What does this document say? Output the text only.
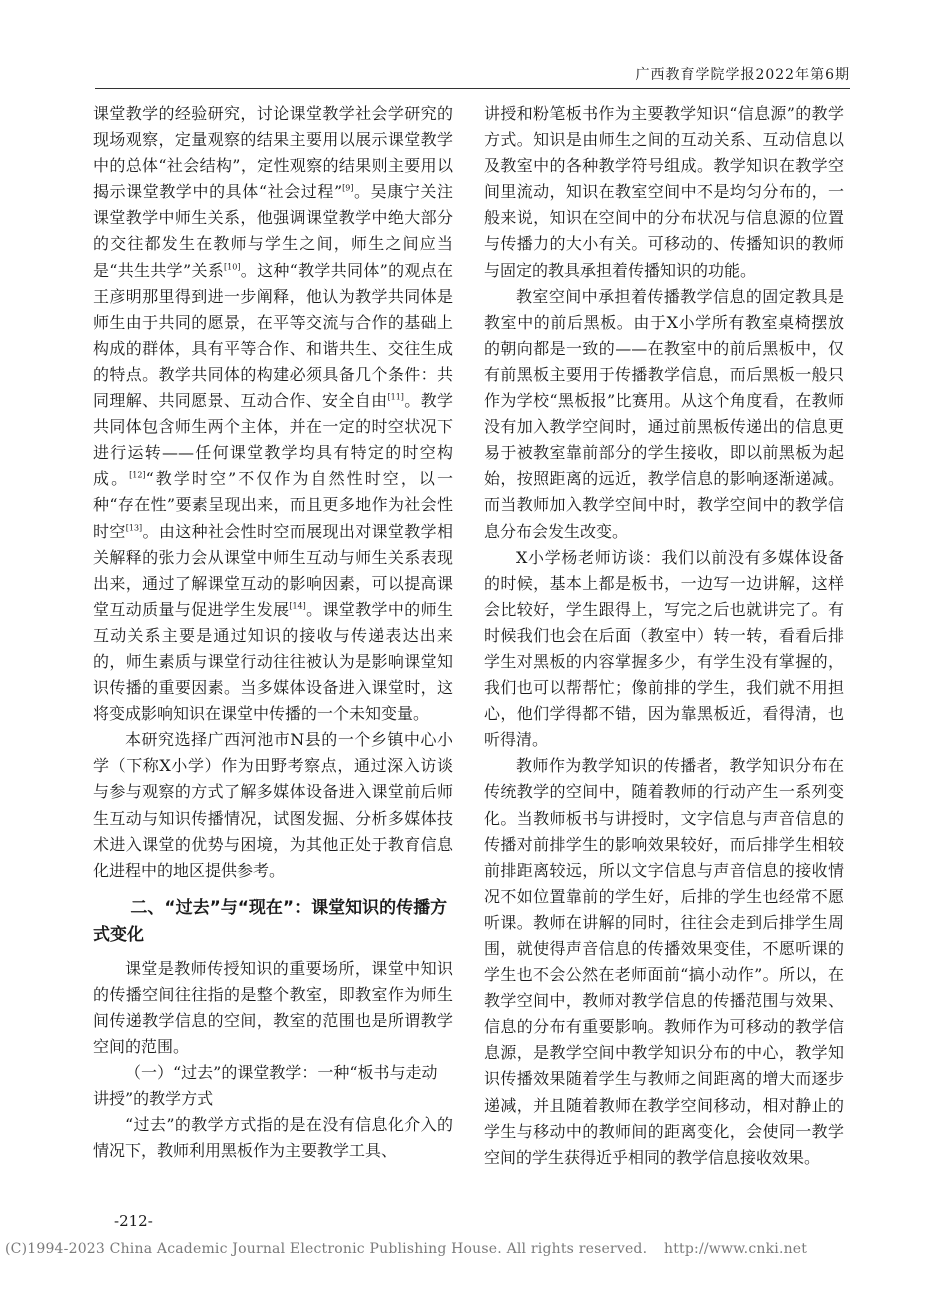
广西教育学院学报2022年第6期

课堂教学的经验研究，讨论课堂教学社会学研究的现场观察，定量观察的结果主要用以展示课堂教学中的总体“社会结构”，定性观察的结果则主要用以揭示课堂教学中的具体“社会过程”[9]。吴康宁关注课堂教学中师生关系，他强调课堂教学中绝大部分的交往都发生在教师与学生之间，师生之间应当是“共生共学”关系[10]。这种“教学共同体”的观点在王彦明那里得到进一步阐释，他认为教学共同体是师生由于共同的愿景，在平等交流与合作的基础上构成的群体，具有平等合作、和谐共生、交往生成的特点。教学共同体的构建必须具备几个条件：共同理解、共同愿景、互动合作、安全自由[11]。教学共同体包含师生两个主体，并在一定的时空状况下进行运转——任何课堂教学均具有特定的时空构成。[12]“教学时空”不仅作为自然性时空，以一种“存在性”要素呈现出来，而且更多地作为社会性时空[13]。由这种社会性时空而展现出对课堂教学相关解释的张力会从课堂中师生互动与师生关系表现出来，通过了解课堂互动的影响因素，可以提高课堂互动质量与促进学生发展[14]。课堂教学中的师生互动关系主要是通过知识的接收与传递表达出来的，师生素质与课堂行动往往被认为是影响课堂知识传播的重要因素。当多媒体设备进入课堂时，这将变成影响知识在课堂中传播的一个未知变量。

本研究选择广西河池市N县的一个乡镇中心小学（下称X小学）作为田野考察点，通过深入访谈与参与观察的方式了解多媒体设备进入课堂前后师生互动与知识传播情况，试图发掘、分析多媒体技术进入课堂的优势与困境，为其他正处于教育信息化进程中的地区提供参考。

二、“过去”与“现在”：课堂知识的传播方式变化

课堂是教师传授知识的重要场所，课堂中知识的传播空间往往指的是整个教室，即教室作为师生间传递教学信息的空间，教室的范围也是所谓教学空间的范围。

（一）“过去”的课堂教学：一种“板书与走动讲授”的教学方式

“过去”的教学方式指的是在没有信息化介入的情况下，教师利用黑板作为主要教学工具、

讲授和粉笔板书作为主要教学知识“信息源”的教学方式。知识是由师生之间的互动关系、互动信息以及教室中的各种教学符号组成。教学知识在教学空间里流动，知识在教室空间中不是均匀分布的，一般来说，知识在空间中的分布状况与信息源的位置与传播力的大小有关。可移动的、传播知识的教师与固定的教具承担着传播知识的功能。

教室空间中承担着传播教学信息的固定教具是教室中的前后黑板。由于X小学所有教室桌椅摆放的朝向都是一致的——在教室中的前后黑板中，仅有前黑板主要用于传播教学信息，而后黑板一般只作为学校“黑板报”比赛用。从这个角度看，在教师没有加入教学空间时，通过前黑板传递出的信息更易于被教室靠前部分的学生接收，即以前黑板为起始，按照距离的远近，教学信息的影响逐渐递减。而当教师加入教学空间中时，教学空间中的教学信息分布会发生改变。

X小学杨老师访谈：我们以前没有多媒体设备的时候，基本上都是板书，一边写一边讲解，这样会比较好，学生跟得上，写完之后也就讲完了。有时候我们也会在后面（教室中）转一转，看看后排学生对黑板的内容掌握多少，有学生没有掌握的，我们也可以帮帮忙；像前排的学生，我们就不用担心，他们学得都不错，因为靠黑板近，看得清，也听得清。

教师作为教学知识的传播者，教学知识分布在传统教学的空间中，随着教师的行动产生一系列变化。当教师板书与讲授时，文字信息与声音信息的传播对前排学生的影响效果较好，而后排学生相较前排距离较远，所以文字信息与声音信息的接收情况不如位置靠前的学生好，后排的学生也经常不愿听课。教师在讲解的同时，往往会走到后排学生周围，就使得声音信息的传播效果变佳，不愿听课的学生也不会公然在老师面前“搞小动作”。所以，在教学空间中，教师对教学信息的传播范围与效果、信息的分布有重要影响。教师作为可移动的教学信息源，是教学空间中教学知识分布的中心，教学知识传播效果随着学生与教师之间距离的增大而逐步递减，并且随着教师在教学空间移动，相对静止的学生与移动中的教师间的距离变化，会使同一教学空间的学生获得近乎相同的教学信息接收效果。

-212-
(C)1994-2023 China Academic Journal Electronic Publishing House. All rights reserved. http://www.cnki.net
